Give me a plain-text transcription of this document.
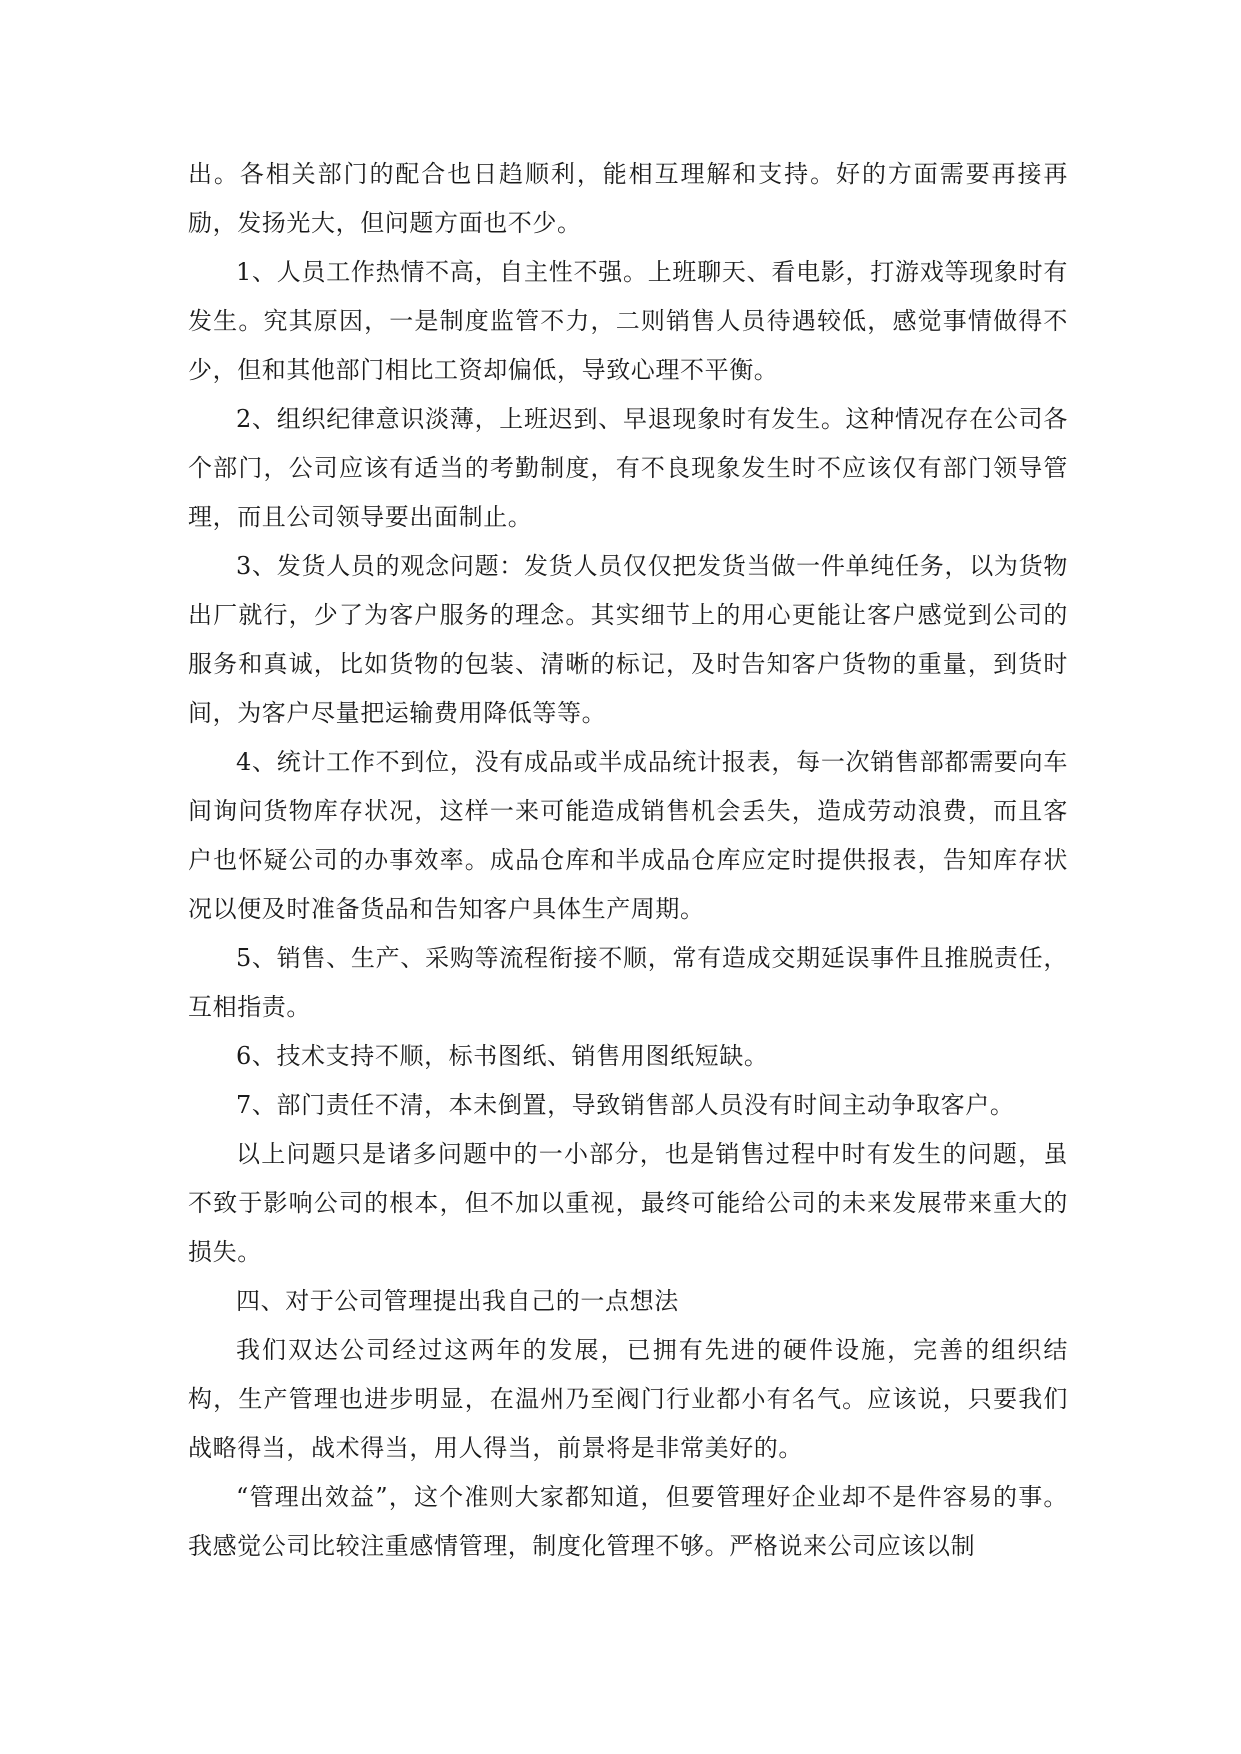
出。各相关部门的配合也日趋顺利，能相互理解和支持。好的方面需要再接再励，发扬光大，但问题方面也不少。

1、人员工作热情不高，自主性不强。上班聊天、看电影，打游戏等现象时有发生。究其原因，一是制度监管不力，二则销售人员待遇较低，感觉事情做得不少，但和其他部门相比工资却偏低，导致心理不平衡。

2、组织纪律意识淡薄，上班迟到、早退现象时有发生。这种情况存在公司各个部门，公司应该有适当的考勤制度，有不良现象发生时不应该仅有部门领导管理，而且公司领导要出面制止。

3、发货人员的观念问题：发货人员仅仅把发货当做一件单纯任务，以为货物出厂就行，少了为客户服务的理念。其实细节上的用心更能让客户感觉到公司的服务和真诚，比如货物的包装、清晰的标记，及时告知客户货物的重量，到货时间，为客户尽量把运输费用降低等等。

4、统计工作不到位，没有成品或半成品统计报表，每一次销售部都需要向车间询问货物库存状况，这样一来可能造成销售机会丢失，造成劳动浪费，而且客户也怀疑公司的办事效率。成品仓库和半成品仓库应定时提供报表，告知库存状况以便及时准备货品和告知客户具体生产周期。

5、销售、生产、采购等流程衔接不顺，常有造成交期延误事件且推脱责任，互相指责。

6、技术支持不顺，标书图纸、销售用图纸短缺。

7、部门责任不清，本未倒置，导致销售部人员没有时间主动争取客户。

以上问题只是诸多问题中的一小部分，也是销售过程中时有发生的问题，虽不致于影响公司的根本，但不加以重视，最终可能给公司的未来发展带来重大的损失。

四、对于公司管理提出我自己的一点想法

我们双达公司经过这两年的发展，已拥有先进的硬件设施，完善的组织结构，生产管理也进步明显，在温州乃至阀门行业都小有名气。应该说，只要我们战略得当，战术得当，用人得当，前景将是非常美好的。

“管理出效益”，这个准则大家都知道，但要管理好企业却不是件容易的事。我感觉公司比较注重感情管理，制度化管理不够。严格说来公司应该以制
